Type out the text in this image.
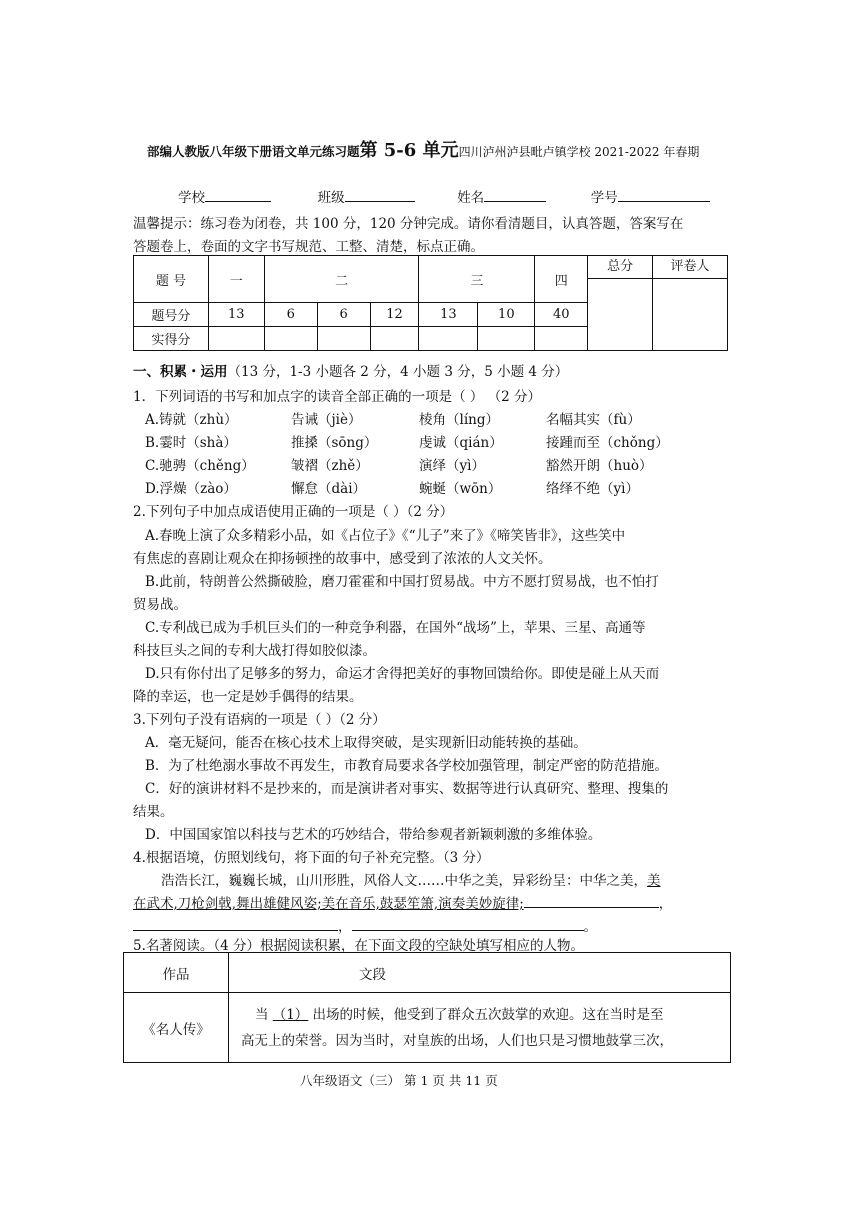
部编人教版八年级下册语文单元练习题第 5-6 单元四川泸州泸县毗卢镇学校 2021-2022 年春期
学校	班级	姓名	学号
温馨提示：练习卷为闭卷，共 100 分，120 分钟完成。请你看清题目，认真答题，答案写在
答题卷上，卷面的文字书写规范、工整、清楚，标点正确。
题 号	一	二			三		四	总分	评卷人

题号分	13	6	6	12	13	10	40		
实得分									
一、积累・运用（13 分，1-3 小题各 2 分，4 小题 3 分，5 小题 4 分）
1．下列词语的书写和加点字的读音全部正确的一项是（ ） （2 分）
A.铸就（zhù）	告诫（jiè）	棱角（líng）	名幅其实（fù）
B.霎时（shà）	推搡（sōng）	虔诚（qián）	接踵而至（chǒng）
C.驰骋（chěng）	皱褶（zhě）	演绎（yì）	豁然开朗（huò）
D.浮燥（zào）	懈怠（dài）	蜿蜒（wōn）	络绎不绝（yì）
2.下列句子中加点成语使用正确的一项是（ ）（2 分）
A.春晚上演了众多精彩小品，如《占位子》《“儿子”来了》《啼笑皆非》，这些笑中
有焦虑的喜剧让观众在抑扬顿挫的故事中，感受到了浓浓的人文关怀。
B.此前，特朗普公然撕破脸，磨刀霍霍和中国打贸易战。中方不愿打贸易战，也不怕打
贸易战。
C.专利战已成为手机巨头们的一种竞争利器，在国外“战场”上，苹果、三星、高通等
科技巨头之间的专利大战打得如胶似漆。
D.只有你付出了足够多的努力，命运才舍得把美好的事物回馈给你。即使是碰上从天而
降的幸运，也一定是妙手偶得的结果。
3.下列句子没有语病的一项是（ ）（2 分）
A．毫无疑问，能否在核心技术上取得突破，是实现新旧动能转换的基础。
B．为了杜绝溺水事故不再发生，市教育局要求各学校加强管理，制定严密的防范措施。
C．好的演讲材料不是抄来的，而是演讲者对事实、数据等进行认真研究、整理、搜集的
结果。
D．中国国家馆以科技与艺术的巧妙结合，带给参观者新颖刺激的多维体验。
4.根据语境，仿照划线句，将下面的句子补充完整。（3 分）
浩浩长江，巍巍长城，山川形胜，风俗人文……中华之美，异彩纷呈：中华之美，美
在武术,刀枪剑戟,舞出雄健风姿;美在音乐,鼓瑟笙箫,演奏美妙旋律;	，
，	。
5.名著阅读。（4 分）根据阅读积累，在下面文段的空缺处填写相应的人物。
作品	文段
《名人传》	当 （1） 出场的时候，他受到了群众五次鼓掌的欢迎。这在当时是至
高无上的荣誉。因为当时，对皇族的出场，人们也只是习惯地鼓掌三次，
八年级语文（三） 第 1 页 共 11 页
